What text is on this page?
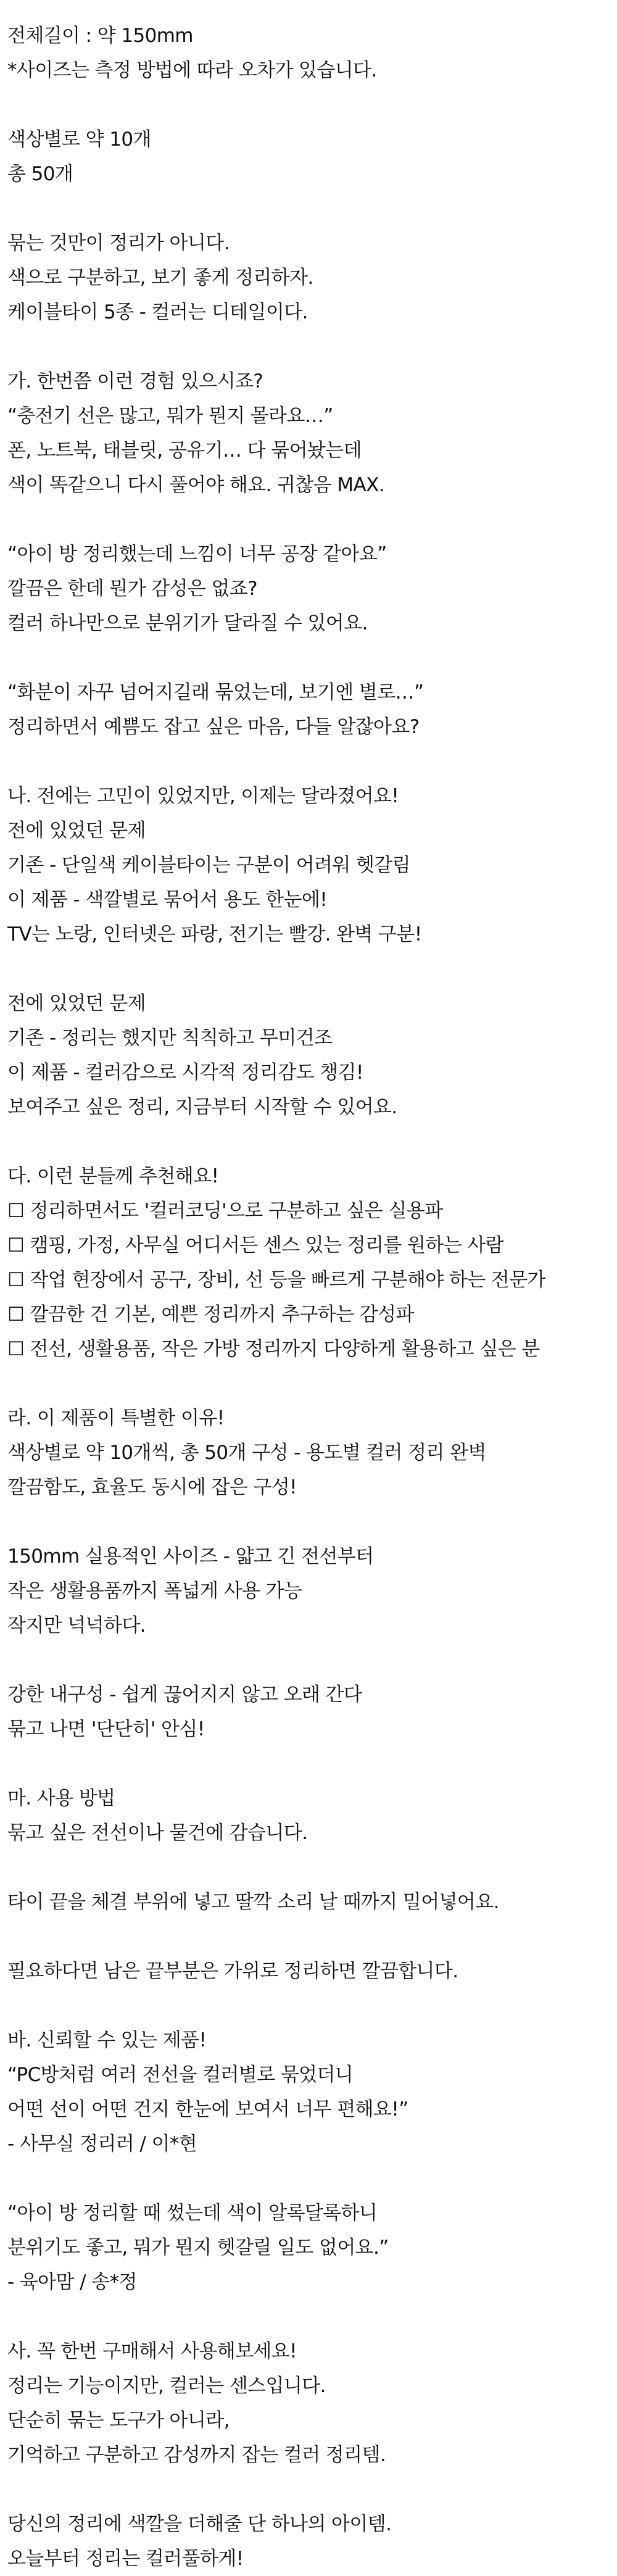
전체길이 : 약 150mm
*사이즈는 측정 방법에 따라 오차가 있습니다.
색상별로 약 10개
총 50개
묶는 것만이 정리가 아니다.
색으로 구분하고, 보기 좋게 정리하자.
케이블타이 5종 - 컬러는 디테일이다.
가. 한번쯤 이런 경험 있으시죠?
“충전기 선은 많고, 뭐가 뭔지 몰라요…”
폰, 노트북, 태블릿, 공유기… 다 묶어놨는데
색이 똑같으니 다시 풀어야 해요. 귀찮음 MAX.
“아이 방 정리했는데 느낌이 너무 공장 같아요”
깔끔은 한데 뭔가 감성은 없죠?
컬러 하나만으로 분위기가 달라질 수 있어요.
“화분이 자꾸 넘어지길래 묶었는데, 보기엔 별로…”
정리하면서 예쁨도 잡고 싶은 마음, 다들 알잖아요?
나. 전에는 고민이 있었지만, 이제는 달라졌어요!
전에 있었던 문제
기존 - 단일색 케이블타이는 구분이 어려워 헷갈림
이 제품 - 색깔별로 묶어서 용도 한눈에!
TV는 노랑, 인터넷은 파랑, 전기는 빨강. 완벽 구분!
전에 있었던 문제
기존 - 정리는 했지만 칙칙하고 무미건조
이 제품 - 컬러감으로 시각적 정리감도 챙김!
보여주고 싶은 정리, 지금부터 시작할 수 있어요.
다. 이런 분들께 추천해요!
☐ 정리하면서도 '컬러코딩'으로 구분하고 싶은 실용파
☐ 캠핑, 가정, 사무실 어디서든 센스 있는 정리를 원하는 사람
☐ 작업 현장에서 공구, 장비, 선 등을 빠르게 구분해야 하는 전문가
☐ 깔끔한 건 기본, 예쁜 정리까지 추구하는 감성파
☐ 전선, 생활용품, 작은 가방 정리까지 다양하게 활용하고 싶은 분
라. 이 제품이 특별한 이유!
색상별로 약 10개씩, 총 50개 구성 - 용도별 컬러 정리 완벽
깔끔함도, 효율도 동시에 잡은 구성!
150mm 실용적인 사이즈 - 얇고 긴 전선부터
작은 생활용품까지 폭넓게 사용 가능
작지만 넉넉하다.
강한 내구성 - 쉽게 끊어지지 않고 오래 간다
묶고 나면 '단단히' 안심!
마. 사용 방법
묶고 싶은 전선이나 물건에 감습니다.
타이 끝을 체결 부위에 넣고 딸깍 소리 날 때까지 밀어넣어요.
필요하다면 남은 끝부분은 가위로 정리하면 깔끔합니다.
바. 신뢰할 수 있는 제품!
“PC방처럼 여러 전선을 컬러별로 묶었더니
어떤 선이 어떤 건지 한눈에 보여서 너무 편해요!”
- 사무실 정리러 / 이*현
“아이 방 정리할 때 썼는데 색이 알록달록하니
분위기도 좋고, 뭐가 뭔지 헷갈릴 일도 없어요.”
- 육아맘 / 송*정
사. 꼭 한번 구매해서 사용해보세요!
정리는 기능이지만, 컬러는 센스입니다.
단순히 묶는 도구가 아니라,
기억하고 구분하고 감성까지 잡는 컬러 정리템.
당신의 정리에 색깔을 더해줄 단 하나의 아이템.
오늘부터 정리는 컬러풀하게!
